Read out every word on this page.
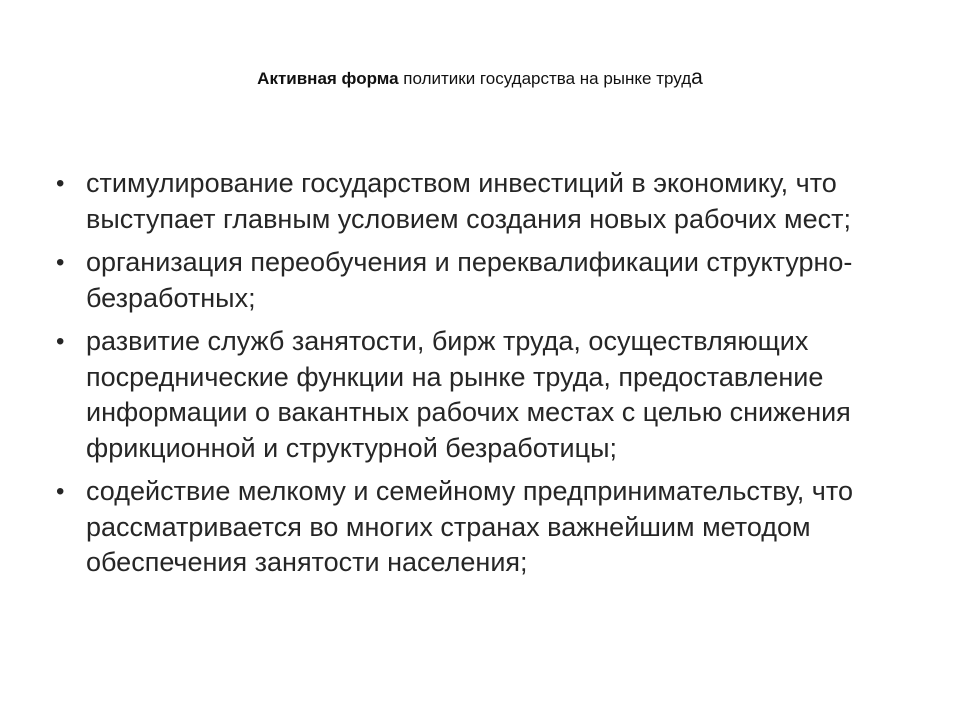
Активная форма политики государства на рынке труда
• стимулирование государством инвестиций в экономику, что выступает главным условием создания новых рабочих мест;
• организация переобучения и переквалификации структурно-безработных;
• развитие служб занятости, бирж труда, осуществляющих посреднические функции на рынке труда, предоставление информации о вакантных рабочих местах с целью снижения фрикционной и структурной безработицы;
• содействие мелкому и семейному предпринимательству, что рассматривается во многих странах важнейшим методом обеспечения занятости населения;
